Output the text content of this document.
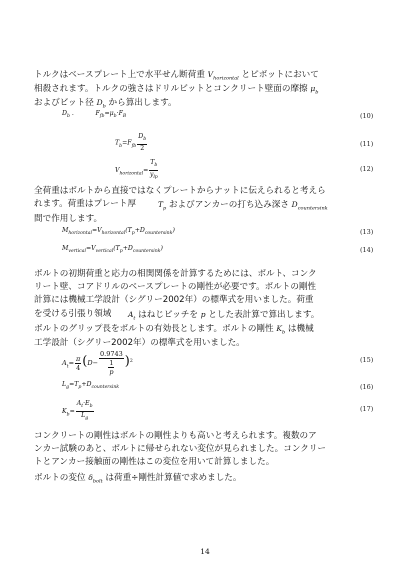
トルクはベースプレート上で水平せん断荷重 $V_{horizontal}$ とピボットにおいて
相殺されます。トルクの強さはドリルビットとコンクリート壁面の摩擦 $\mu_b$
およびビット径 $D_b$ から算出します。
$D_b$ .           $F_{fb}=\mu_b\cdot F_B$	(10)
$T_b=F_{fb} \frac{D_b}{2}$	(11)
$V_{horizontal}= \frac{T_b}{y_{lp}}$	(12)

全荷重はボルトから直接ではなくプレートからナットに伝えられると考えら
れます。荷重はプレート厚	$T_p$ およびアンカーの打ち込み深さ $D_{countersink}$
間で作用します。
$M_{horizontal}=V_{horizontal}(T_p+D_{countersink})$	(13)
$M_{vertical}=V_{vertical}(T_p+D_{countersink})$	(14)

ボルトの初期荷重と応力の相関関係を計算するためには、ボルト、コンク
リート壁、コアドリルのベースプレートの剛性が必要です。ボルトの剛性
計算には機械工学設計（シグリー2002年）の標準式を用いました。荷重
を受ける引張り領域	$A_t$ はねじピッチを p とした表計算で算出します。
ボルトのグリップ長をボルトの有効長とします。ボルトの剛性 $K_b$ は機械
工学設計（シグリー2002年）の標準式を用いました。
$A_t= \frac{\pi}{4} (D- \frac{0.9743}{\frac{1}{p}} )^2$	(15)
$L_g=T_p+D_{countersink}$	(16)
$K_b= \frac{A_t\cdot E_b}{L_g}$	(17)

コンクリートの剛性はボルトの剛性よりも高いと考えられます。複数のア
ンカー試験のあと、ボルトに帰せられない変位が見られました。コンクリー
トとアンカー接触面の剛性はこの変位を用いて計算しました。

ボルトの変位 $\delta_{bolt}$ は荷重÷剛性計算値で求めました。
14
